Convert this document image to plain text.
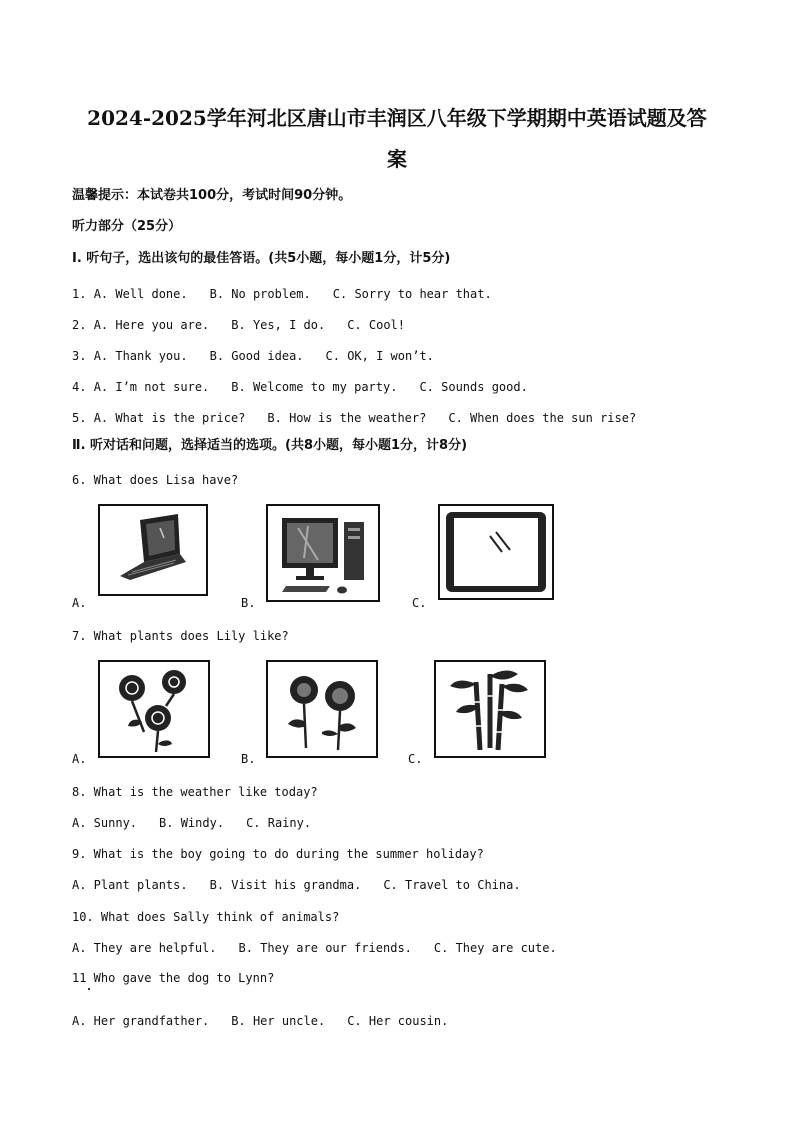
2024-2025学年河北区唐山市丰润区八年级下学期期中英语试题及答
案
温馨提示：本试卷共100分，考试时间90分钟。
听力部分（25分）
I. 听句子，选出该句的最佳答语。(共5小题，每小题1分，计5分)
1. A. Well done. B. No problem. C. Sorry to hear that.
2. A. Here you are. B. Yes, I do. C. Cool!
3. A. Thank you. B. Good idea. C. OK, I won’t.
4. A. I’m not sure. B. Welcome to my party. C. Sounds good.
5. A. What is the price? B. How is the weather? C. When does the sun rise?
Ⅱ. 听对话和问题，选择适当的选项。(共8小题，每小题1分，计8分)
6. What does Lisa have?
A.	B.	C.
7. What plants does Lily like?
A.	B.	C.
8. What is the weather like today?
A. Sunny. B. Windy. C. Rainy.
9. What is the boy going to do during the summer holiday?
A. Plant plants. B. Visit his grandma. C. Travel to China.
10. What does Sally think of animals?
A. They are helpful. B. They are our friends. C. They are cute.
11 Who gave the dog to Lynn?
A. Her grandfather. B. Her uncle. C. Her cousin.
